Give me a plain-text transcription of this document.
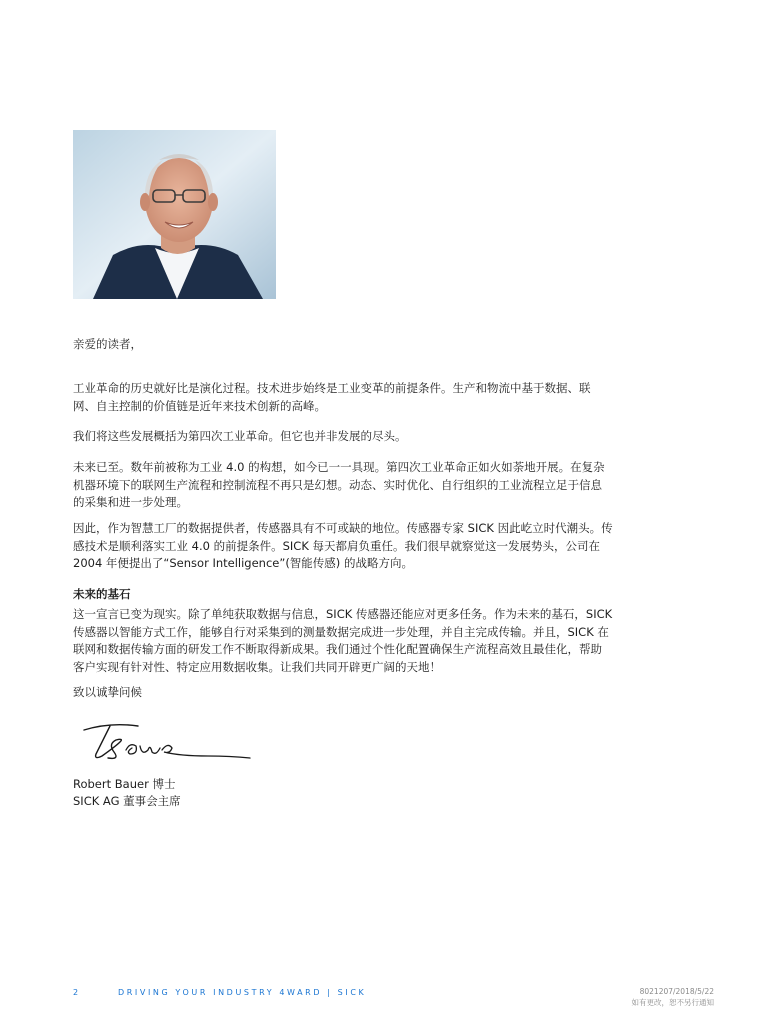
亲爱的读者，
工业革命的历史就好比是演化过程。技术进步始终是工业变革的前提条件。生产和物流中基于数据、联网、自主控制的价值链是近年来技术创新的高峰。
我们将这些发展概括为第四次工业革命。但它也并非发展的尽头。
未来已至。数年前被称为工业 4.0 的构想，如今已一一具现。第四次工业革命正如火如荼地开展。在复杂机器环境下的联网生产流程和控制流程不再只是幻想。动态、实时优化、自行组织的工业流程立足于信息的采集和进一步处理。
因此，作为智慧工厂的数据提供者，传感器具有不可或缺的地位。传感器专家 SICK 因此屹立时代潮头。传感技术是顺利落实工业 4.0 的前提条件。SICK 每天都肩负重任。我们很早就察觉这一发展势头，公司在 2004 年便提出了“Sensor Intelligence”(智能传感) 的战略方向。
未来的基石
这一宣言已变为现实。除了单纯获取数据与信息，SICK 传感器还能应对更多任务。作为未来的基石，SICK 传感器以智能方式工作，能够自行对采集到的测量数据完成进一步处理，并自主完成传输。并且，SICK 在联网和数据传输方面的研发工作不断取得新成果。我们通过个性化配置确保生产流程高效且最佳化，帮助客户实现有针对性、特定应用数据收集。让我们共同开辟更广阔的天地！
致以诚挚问候
Robert Bauer 博士
SICK AG 董事会主席
2	DRIVING YOUR INDUSTRY 4WARD | SICK	8021207/2018/5/22
如有更改，恕不另行通知
